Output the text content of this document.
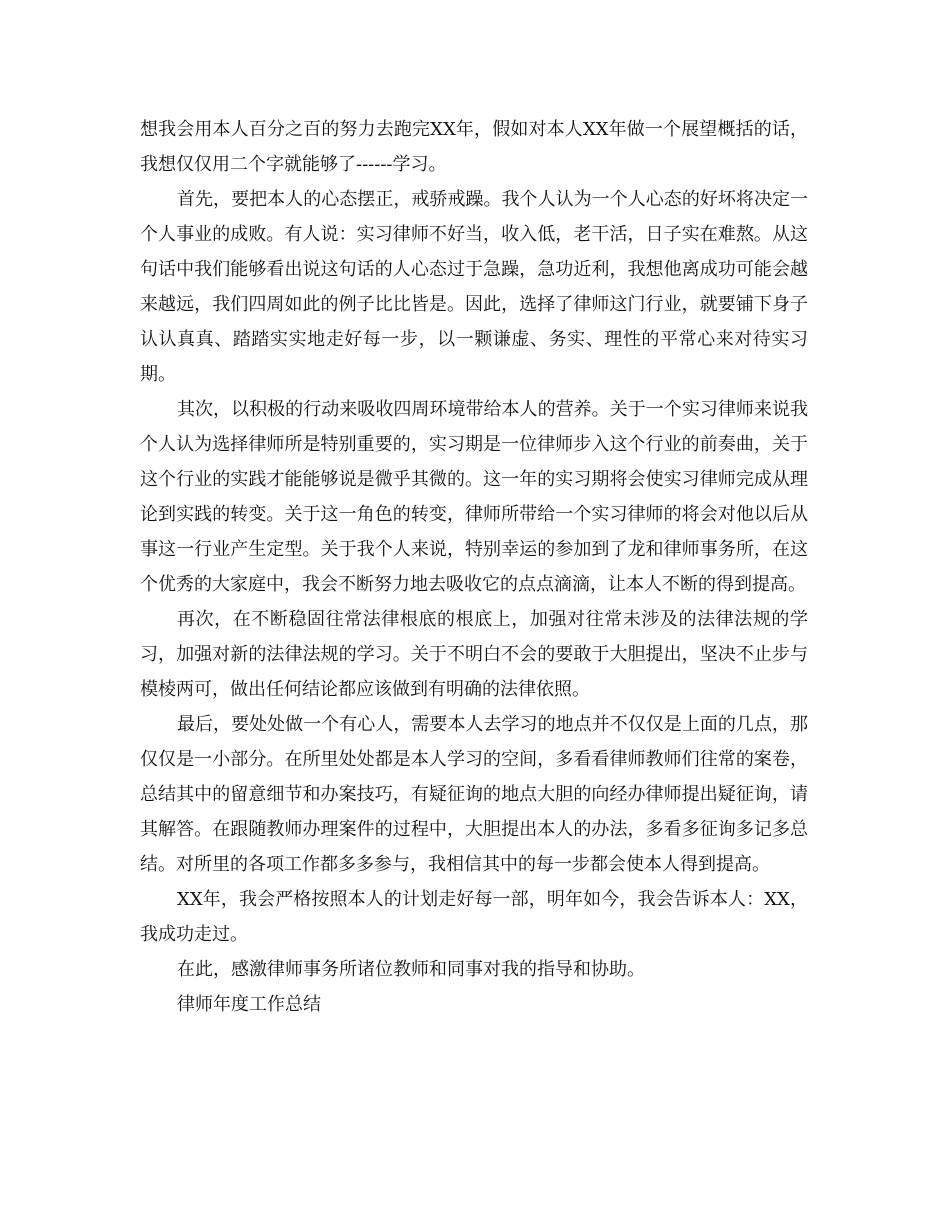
想我会用本人百分之百的努力去跑完XX年，假如对本人XX年做一个展望概括的话，我想仅仅用二个字就能够了------学习。

首先，要把本人的心态摆正，戒骄戒躁。我个人认为一个人心态的好坏将决定一个人事业的成败。有人说：实习律师不好当，收入低，老干活，日子实在难熬。从这句话中我们能够看出说这句话的人心态过于急躁，急功近利，我想他离成功可能会越来越远，我们四周如此的例子比比皆是。因此，选择了律师这门行业，就要铺下身子认认真真、踏踏实实地走好每一步，以一颗谦虚、务实、理性的平常心来对待实习期。

其次，以积极的行动来吸收四周环境带给本人的营养。关于一个实习律师来说我个人认为选择律师所是特别重要的，实习期是一位律师步入这个行业的前奏曲，关于这个行业的实践才能能够说是微乎其微的。这一年的实习期将会使实习律师完成从理论到实践的转变。关于这一角色的转变，律师所带给一个实习律师的将会对他以后从事这一行业产生定型。关于我个人来说，特别幸运的参加到了龙和律师事务所，在这个优秀的大家庭中，我会不断努力地去吸收它的点点滴滴，让本人不断的得到提高。

再次，在不断稳固往常法律根底的根底上，加强对往常未涉及的法律法规的学习，加强对新的法律法规的学习。关于不明白不会的要敢于大胆提出，坚决不止步与模棱两可，做出任何结论都应该做到有明确的法律依照。

最后，要处处做一个有心人，需要本人去学习的地点并不仅仅是上面的几点，那仅仅是一小部分。在所里处处都是本人学习的空间，多看看律师教师们往常的案卷，总结其中的留意细节和办案技巧，有疑征询的地点大胆的向经办律师提出疑征询，请其解答。在跟随教师办理案件的过程中，大胆提出本人的办法，多看多征询多记多总结。对所里的各项工作都多多参与，我相信其中的每一步都会使本人得到提高。

XX年，我会严格按照本人的计划走好每一部，明年如今，我会告诉本人：XX，我成功走过。

在此，感激律师事务所诸位教师和同事对我的指导和协助。

律师年度工作总结
